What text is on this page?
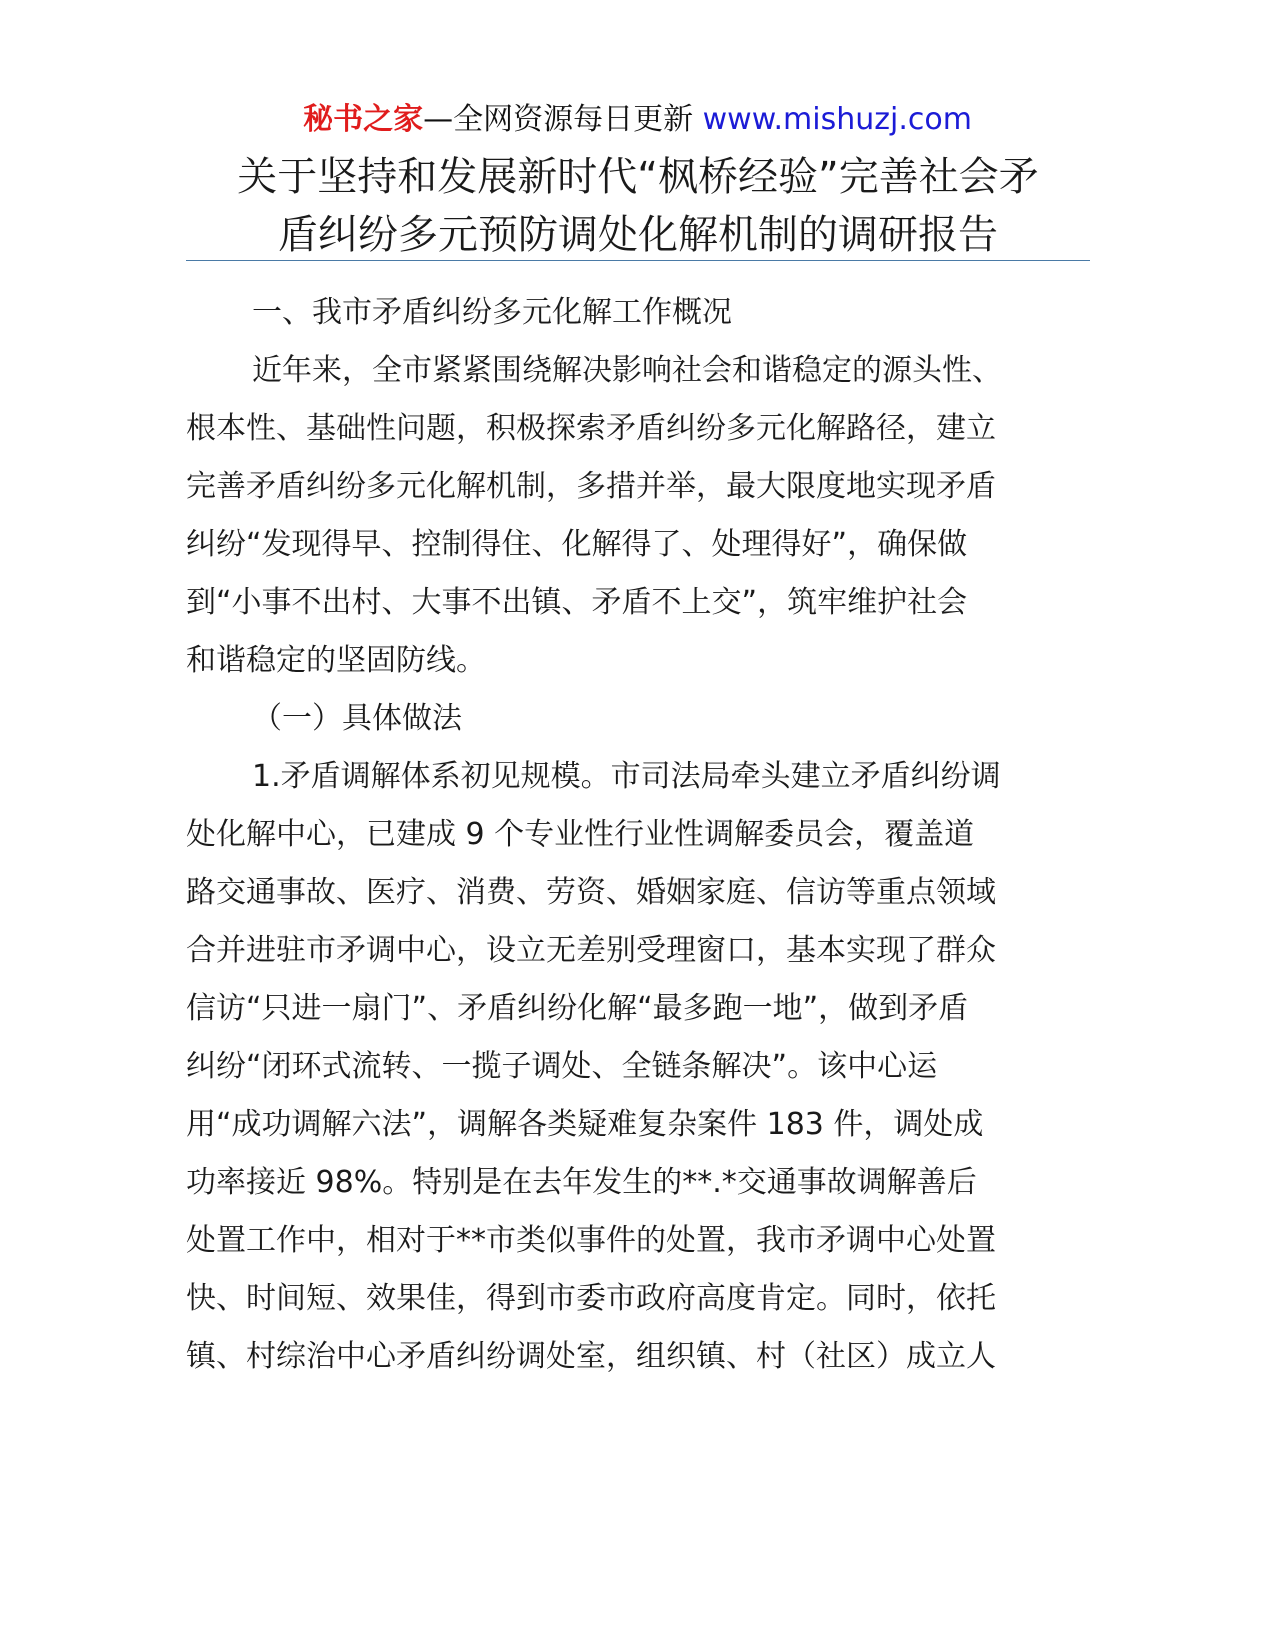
秘书之家—全网资源每日更新 www.mishuzj.com
关于坚持和发展新时代“枫桥经验”完善社会矛
盾纠纷多元预防调处化解机制的调研报告
一、我市矛盾纠纷多元化解工作概况
近年来，全市紧紧围绕解决影响社会和谐稳定的源头性、
根本性、基础性问题，积极探索矛盾纠纷多元化解路径，建立
完善矛盾纠纷多元化解机制，多措并举，最大限度地实现矛盾
纠纷“发现得早、控制得住、化解得了、处理得好”，确保做
到“小事不出村、大事不出镇、矛盾不上交”，筑牢维护社会
和谐稳定的坚固防线。
（一）具体做法
1.矛盾调解体系初见规模。市司法局牵头建立矛盾纠纷调
处化解中心，已建成 9 个专业性行业性调解委员会，覆盖道
路交通事故、医疗、消费、劳资、婚姻家庭、信访等重点领域
合并进驻市矛调中心，设立无差别受理窗口，基本实现了群众
信访“只进一扇门”、矛盾纠纷化解“最多跑一地”，做到矛盾
纠纷“闭环式流转、一揽子调处、全链条解决”。该中心运
用“成功调解六法”，调解各类疑难复杂案件 183 件，调处成
功率接近 98%。特别是在去年发生的**.*交通事故调解善后
处置工作中，相对于**市类似事件的处置，我市矛调中心处置
快、时间短、效果佳，得到市委市政府高度肯定。同时，依托
镇、村综治中心矛盾纠纷调处室，组织镇、村（社区）成立人
